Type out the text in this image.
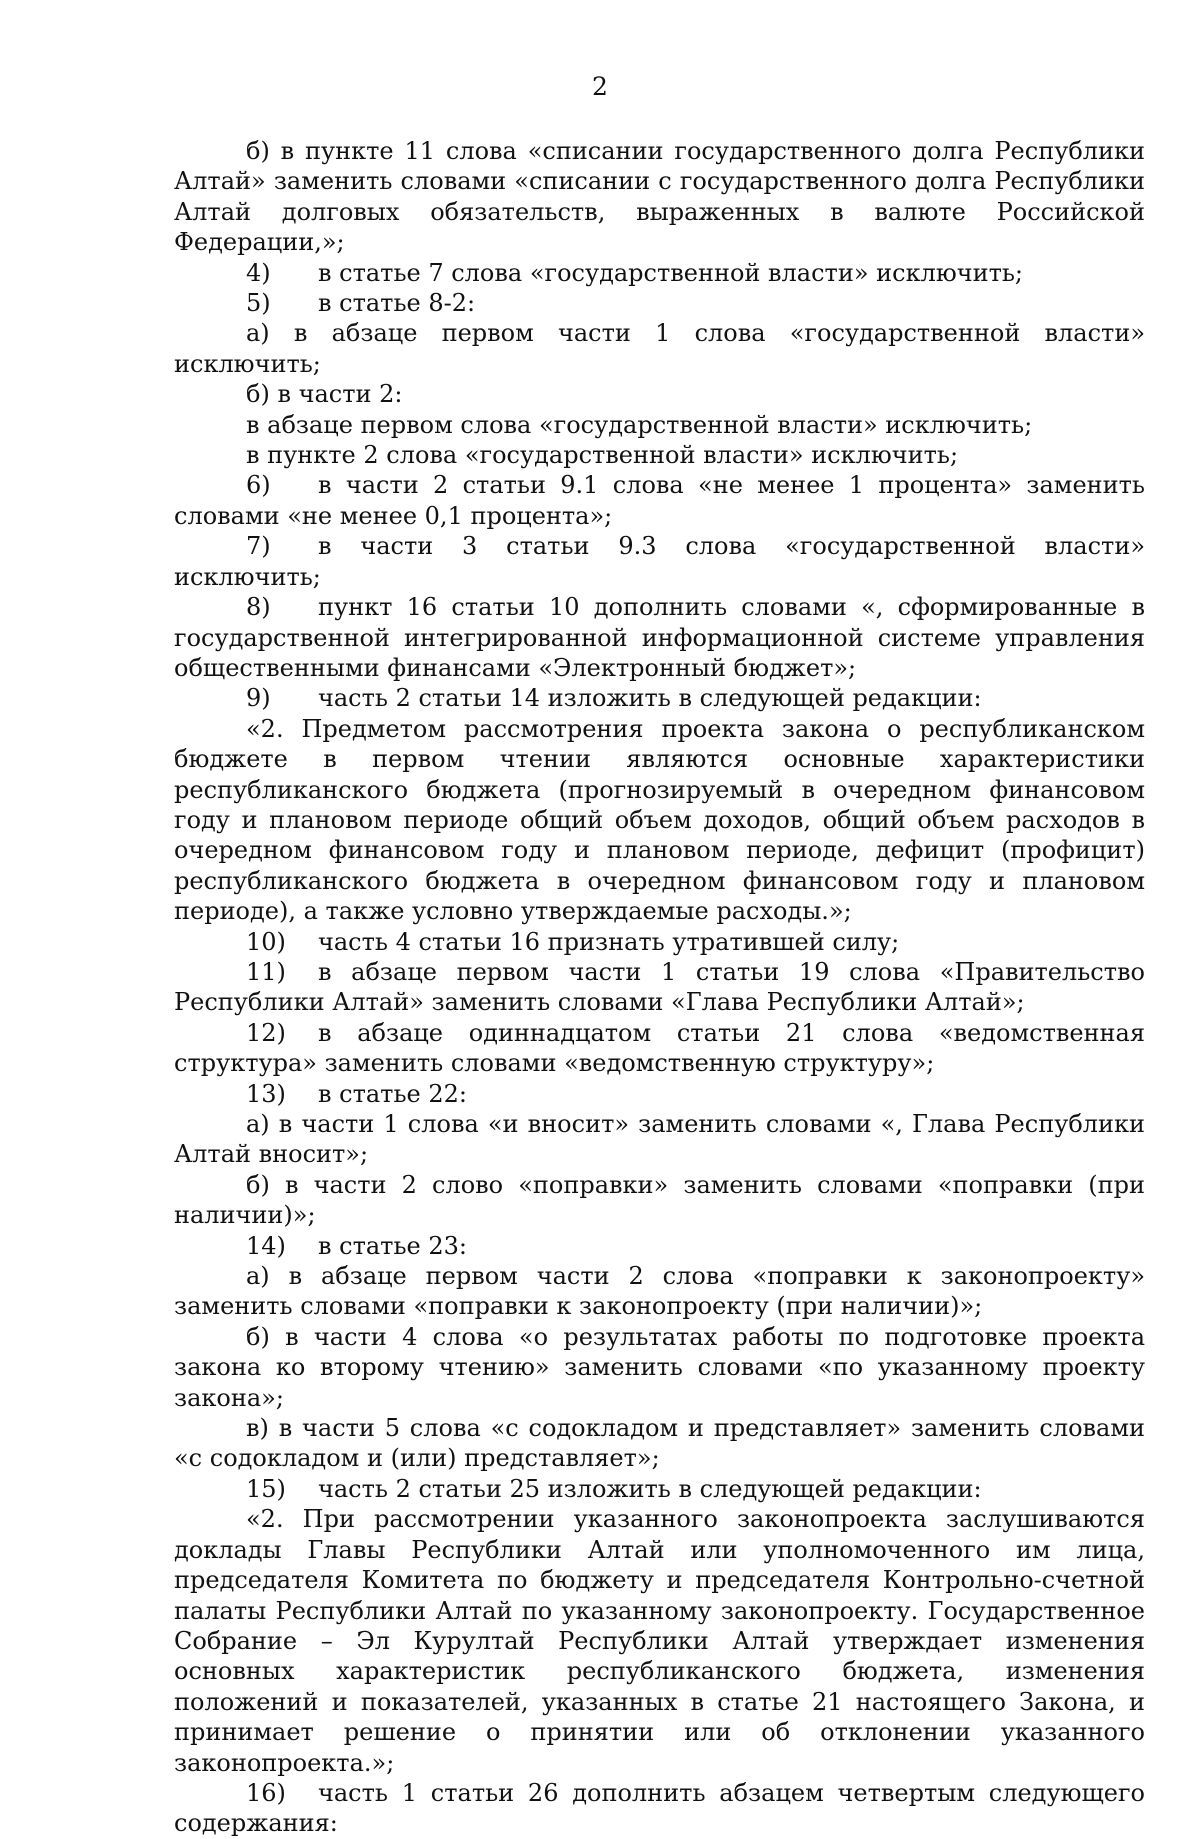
2

б) в пункте 11 слова «списании государственного долга Республики Алтай» заменить словами «списании с государственного долга Республики Алтай долговых обязательств, выраженных в валюте Российской Федерации,»;

4) в статье 7 слова «государственной власти» исключить;

5) в статье 8-2:

а) в абзаце первом части 1 слова «государственной власти» исключить;

б) в части 2:

в абзаце первом слова «государственной власти» исключить;

в пункте 2 слова «государственной власти» исключить;

6) в части 2 статьи 9.1 слова «не менее 1 процента» заменить словами «не менее 0,1 процента»;

7) в части 3 статьи 9.3 слова «государственной власти» исключить;

8) пункт 16 статьи 10 дополнить словами «, сформированные в государственной интегрированной информационной системе управления общественными финансами «Электронный бюджет»;

9) часть 2 статьи 14 изложить в следующей редакции:

«2. Предметом рассмотрения проекта закона о республиканском бюджете в первом чтении являются основные характеристики республиканского бюджета (прогнозируемый в очередном финансовом году и плановом периоде общий объем доходов, общий объем расходов в очередном финансовом году и плановом периоде, дефицит (профицит) республиканского бюджета в очередном финансовом году и плановом периоде), а также условно утверждаемые расходы.»;

10) часть 4 статьи 16 признать утратившей силу;

11) в абзаце первом части 1 статьи 19 слова «Правительство Республики Алтай» заменить словами «Глава Республики Алтай»;

12) в абзаце одиннадцатом статьи 21 слова «ведомственная структура» заменить словами «ведомственную структуру»;

13) в статье 22:

а) в части 1 слова «и вносит» заменить словами «, Глава Республики Алтай вносит»;

б) в части 2 слово «поправки» заменить словами «поправки (при наличии)»;

14) в статье 23:

а) в абзаце первом части 2 слова «поправки к законопроекту» заменить словами «поправки к законопроекту (при наличии)»;

б) в части 4 слова «о результатах работы по подготовке проекта закона ко второму чтению» заменить словами «по указанному проекту закона»;

в) в части 5 слова «с содокладом и представляет» заменить словами «с содокладом и (или) представляет»;

15) часть 2 статьи 25 изложить в следующей редакции:

«2. При рассмотрении указанного законопроекта заслушиваются доклады Главы Республики Алтай или уполномоченного им лица, председателя Комитета по бюджету и председателя Контрольно-счетной палаты Республики Алтай по указанному законопроекту. Государственное Собрание – Эл Курултай Республики Алтай утверждает изменения основных характеристик республиканского бюджета, изменения положений и показателей, указанных в статье 21 настоящего Закона, и принимает решение о принятии или об отклонении указанного законопроекта.»;

16) часть 1 статьи 26 дополнить абзацем четвертым следующего содержания:
